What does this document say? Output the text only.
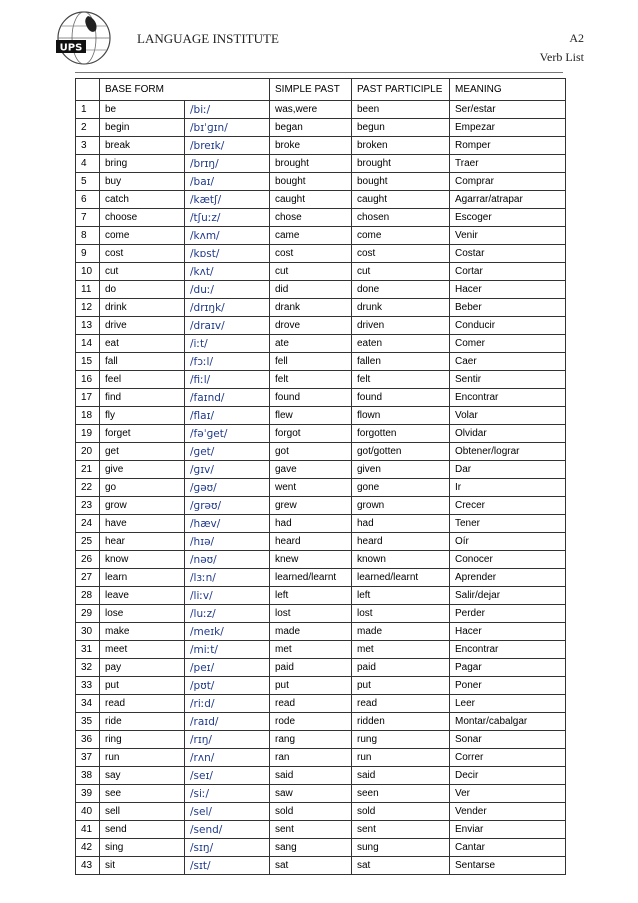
UPS
LANGUAGE INSTITUTE	A2
Verb List
	BASE FORM		SIMPLE PAST	PAST PARTICIPLE	MEANING
1	be	/biː/	was,were	been	Ser/estar
2	begin	/bɪˈɡɪn/	began	begun	Empezar
3	break	/breɪk/	broke	broken	Romper
4	bring	/brɪŋ/	brought	brought	Traer
5	buy	/baɪ/	bought	bought	Comprar
6	catch	/kætʃ/	caught	caught	Agarrar/atrapar
7	choose	/tʃuːz/	chose	chosen	Escoger
8	come	/kʌm/	came	come	Venir
9	cost	/kɒst/	cost	cost	Costar
10	cut	/kʌt/	cut	cut	Cortar
11	do	/duː/	did	done	Hacer
12	drink	/drɪŋk/	drank	drunk	Beber
13	drive	/draɪv/	drove	driven	Conducir
14	eat	/iːt/	ate	eaten	Comer
15	fall	/fɔːl/	fell	fallen	Caer
16	feel	/fiːl/	felt	felt	Sentir
17	find	/faɪnd/	found	found	Encontrar
18	fly	/flaɪ/	flew	flown	Volar
19	forget	/fəˈɡet/	forgot	forgotten	Olvidar
20	get	/ɡet/	got	got/gotten	Obtener/lograr
21	give	/ɡɪv/	gave	given	Dar
22	go	/ɡəʊ/	went	gone	Ir
23	grow	/ɡrəʊ/	grew	grown	Crecer
24	have	/hæv/	had	had	Tener
25	hear	/hɪə/	heard	heard	Oír
26	know	/nəʊ/	knew	known	Conocer
27	learn	/lɜːn/	learned/learnt	learned/learnt	Aprender
28	leave	/liːv/	left	left	Salir/dejar
29	lose	/luːz/	lost	lost	Perder
30	make	/meɪk/	made	made	Hacer
31	meet	/miːt/	met	met	Encontrar
32	pay	/peɪ/	paid	paid	Pagar
33	put	/pʊt/	put	put	Poner
34	read	/riːd/	read	read	Leer
35	ride	/raɪd/	rode	ridden	Montar/cabalgar
36	ring	/rɪŋ/	rang	rung	Sonar
37	run	/rʌn/	ran	run	Correr
38	say	/seɪ/	said	said	Decir
39	see	/siː/	saw	seen	Ver
40	sell	/sel/	sold	sold	Vender
41	send	/send/	sent	sent	Enviar
42	sing	/sɪŋ/	sang	sung	Cantar
43	sit	/sɪt/	sat	sat	Sentarse
